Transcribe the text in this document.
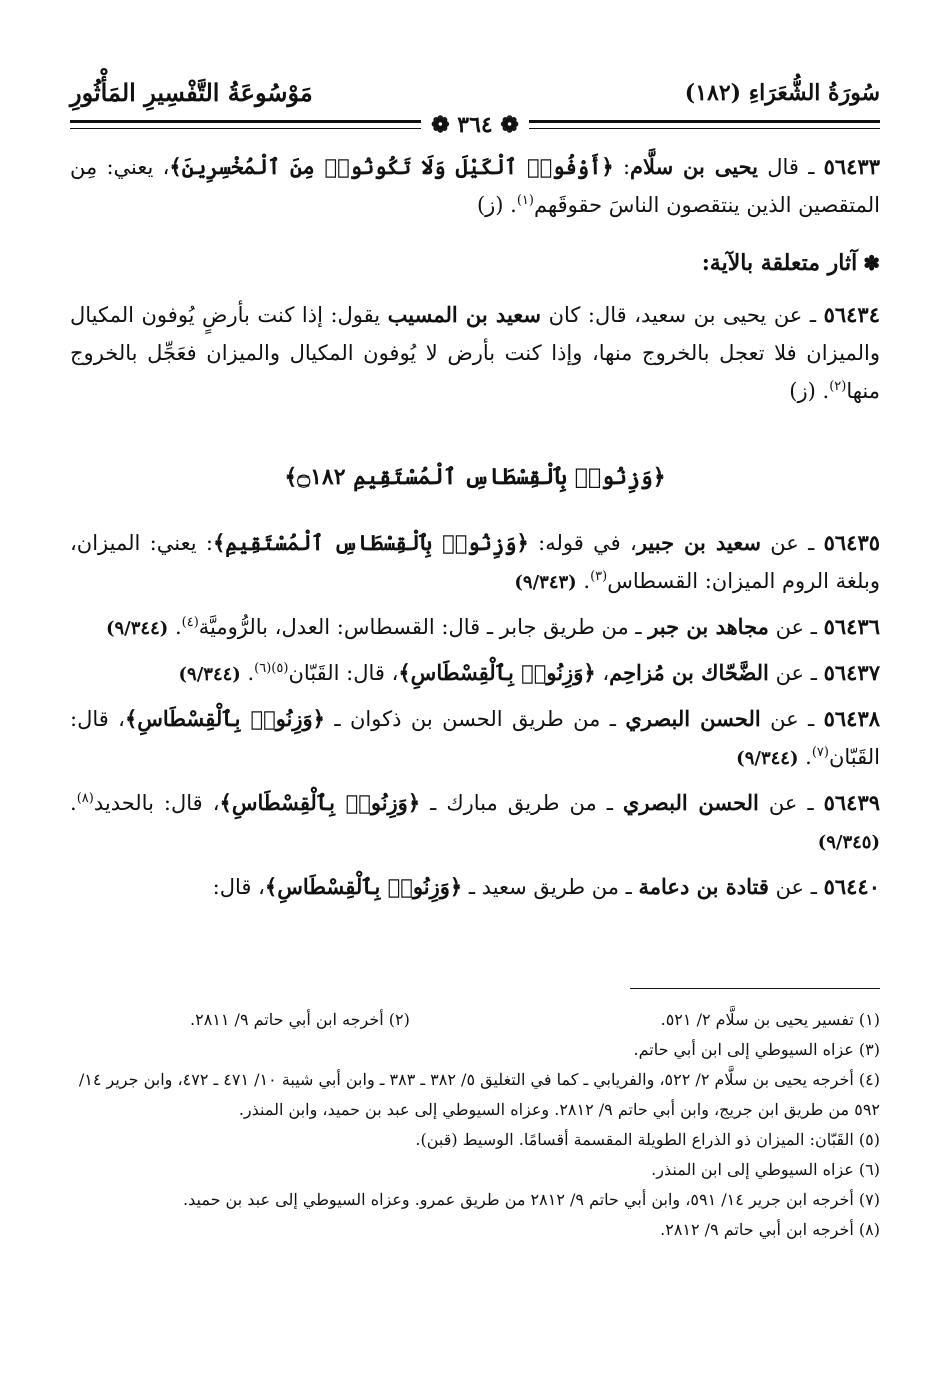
سُورَةُ الشُّعَرَاءِ (١٨٢)
مَوْسُوعَةُ التَّفْسِيرِ المَأْثُورِ
❁ ٣٦٤ ❁

٥٦٤٣٣ ـ قال يحيى بن سلَّام: ﴿أَوْفُوا۟ ٱلْكَيْلَ وَلَا تَكُونُوا۟ مِنَ ٱلْمُخْسِرِينَ﴾، يعني: مِن المتقصين الذين ينتقصون الناسَ حقوقَهم$^{(١)}$. (ز)

✽آثار متعلقة بالآية:

٥٦٤٣٤ ـ عن يحيى بن سعيد، قال: كان سعيد بن المسيب يقول: إذا كنت بأرضٍ يُوفون المكيال والميزان فلا تعجل بالخروج منها، وإذا كنت بأرض لا يُوفون المكيال والميزان فعَجِّل بالخروج منها$^{(٢)}$. (ز)

﴿وَزِنُوا۟ بِٱلْقِسْطَاسِ ٱلْمُسْتَقِيمِ ۝١٨٢﴾

٥٦٤٣٥ ـ عن سعيد بن جبير، في قوله: ﴿وَزِنُوا۟ بِٱلْقِسْطَاسِ ٱلْمُسْتَقِيمِ﴾: يعني: الميزان، وبلغة الروم الميزان: القسطاس$^{(٣)}$. (٩/٣٤٣)

٥٦٤٣٦ ـ عن مجاهد بن جبر ـ من طريق جابر ـ قال: القسطاس: العدل، بالرُّوميَّة$^{(٤)}$. (٩/٣٤٤)

٥٦٤٣٧ ـ عن الضَّحّاك بن مُزاحِم، ﴿وَزِنُوا۟ بِٱلْقِسْطَاسِ﴾، قال: القَبّان$^{(٥)(٦)}$. (٩/٣٤٤)

٥٦٤٣٨ ـ عن الحسن البصري ـ من طريق الحسن بن ذكوان ـ ﴿وَزِنُوا۟ بِٱلْقِسْطَاسِ﴾، قال: القَبّان$^{(٧)}$. (٩/٣٤٤)

٥٦٤٣٩ ـ عن الحسن البصري ـ من طريق مبارك ـ ﴿وَزِنُوا۟ بِٱلْقِسْطَاسِ﴾، قال: بالحديد$^{(٨)}$. (٩/٣٤٥)

٥٦٤٤٠ ـ عن قتادة بن دعامة ـ من طريق سعيد ـ ﴿وَزِنُوا۟ بِٱلْقِسْطَاسِ﴾، قال:

(١) تفسير يحيى بن سلَّام ٢/ ٥٢١.

(٢) أخرجه ابن أبي حاتم ٩/ ٢٨١١.

(٣) عزاه السيوطي إلى ابن أبي حاتم.

(٤) أخرجه يحيى بن سلَّام ٢/ ٥٢٢، والفريابي ـ كما في التغليق ٥/ ٣٨٢ ـ ٣٨٣ ـ وابن أبي شيبة ١٠/ ٤٧١ ـ ٤٧٢، وابن جرير ١٤/ ٥٩٢ من طريق ابن جريج، وابن أبي حاتم ٩/ ٢٨١٢. وعزاه السيوطي إلى عبد بن حميد، وابن المنذر.

(٥) القَبّان: الميزان ذو الذراع الطويلة المقسمة أقسامًا. الوسيط (قبن).

(٦) عزاه السيوطي إلى ابن المنذر.

(٧) أخرجه ابن جرير ١٤/ ٥٩١، وابن أبي حاتم ٩/ ٢٨١٢ من طريق عمرو. وعزاه السيوطي إلى عبد بن حميد.

(٨) أخرجه ابن أبي حاتم ٩/ ٢٨١٢.
